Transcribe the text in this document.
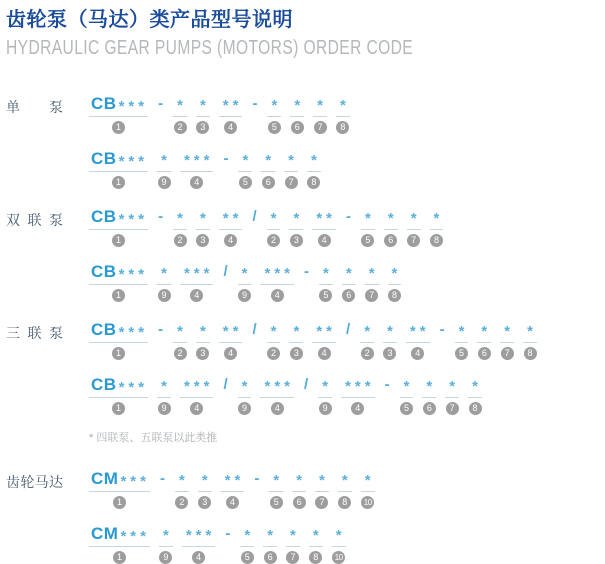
齿轮泵（马达）类产品型号说明
HYDRAULIC GEAR PUMPS (MOTORS) ORDER CODE
单 泵 CB * * *
1
- *
2
*
3
* *
4
- *
5
*
6
*
7
*
8
CB * * *
1
*
9
* * *
4
- *
5
*
6
*
7
*
8
双 联 泵 CB * * *
1
- *
2
*
3
* *
4
/ *
2
*
3
* *
4
- *
5
*
6
*
7
*
8
CB * * *
1
*
9
* * *
4
/ *
9
* * *
4
- *
5
*
6
*
7
*
8
三 联 泵 CB * * *
1
- *
2
*
3
* *
4
/ *
2
*
3
* *
4
/ *
2
*
3
* *
4
- *
5
*
6
*
7
*
8
CB * * *
1
*
9
* * *
4
/ *
9
* * *
4
/ *
9
* * *
4
- *
5
*
6
*
7
*
8
* 四联泵、五联泵以此类推
齿 轮 马 达 CM * * *
1
- *
2
*
3
* *
4
- *
5
*
6
*
7
*
8
*
10
CM * * *
1
*
9
* * *
4
- *
5
*
6
*
7
*
8
*
10
